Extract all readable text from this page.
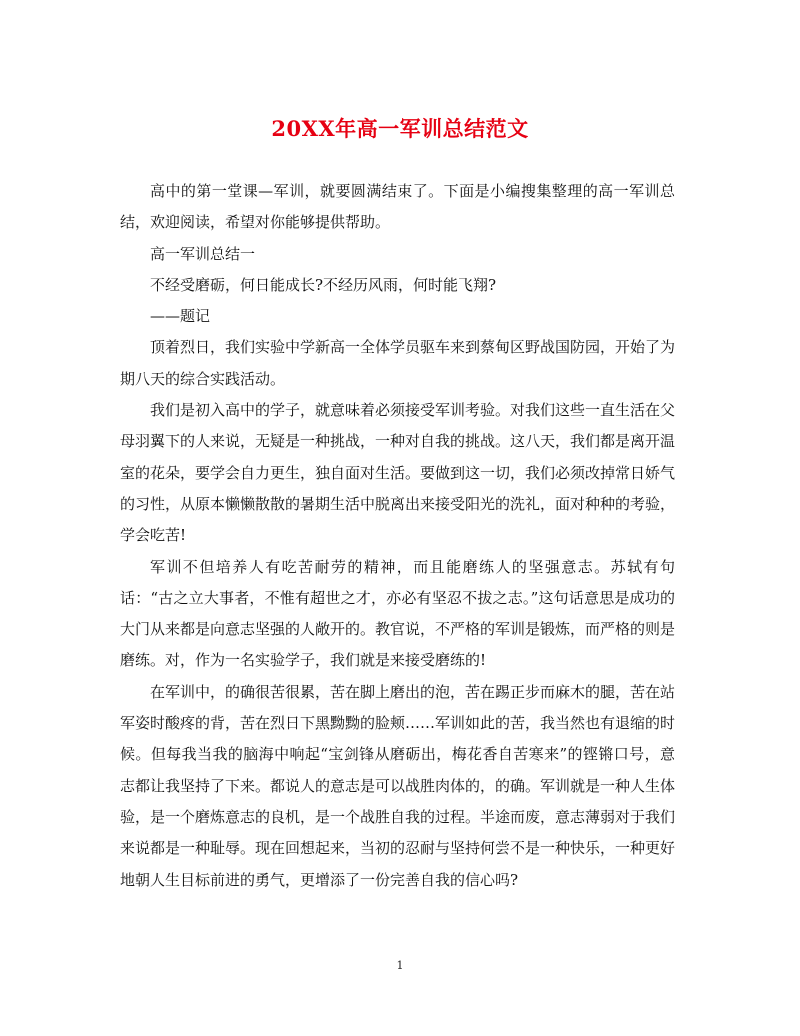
20XX年高一军训总结范文

高中的第一堂课—军训，就要圆满结束了。下面是小编搜集整理的高一军训总结，欢迎阅读，希望对你能够提供帮助。

高一军训总结一

不经受磨砺，何日能成长?不经历风雨，何时能飞翔?

——题记

顶着烈日，我们实验中学新高一全体学员驱车来到蔡甸区野战国防园，开始了为期八天的综合实践活动。

我们是初入高中的学子，就意味着必须接受军训考验。对我们这些一直生活在父母羽翼下的人来说，无疑是一种挑战，一种对自我的挑战。这八天，我们都是离开温室的花朵，要学会自力更生，独自面对生活。要做到这一切，我们必须改掉常日娇气的习性，从原本懒懒散散的暑期生活中脱离出来接受阳光的洗礼，面对种种的考验，学会吃苦!

军训不但培养人有吃苦耐劳的精神，而且能磨练人的坚强意志。苏轼有句话：“古之立大事者，不惟有超世之才，亦必有坚忍不拔之志。”这句话意思是成功的大门从来都是向意志坚强的人敞开的。教官说，不严格的军训是锻炼，而严格的则是磨练。对，作为一名实验学子，我们就是来接受磨练的!

在军训中，的确很苦很累，苦在脚上磨出的泡，苦在踢正步而麻木的腿，苦在站军姿时酸疼的背，苦在烈日下黑黝黝的脸颊……军训如此的苦，我当然也有退缩的时候。但每我当我的脑海中响起“宝剑锋从磨砺出，梅花香自苦寒来”的铿锵口号，意志都让我坚持了下来。都说人的意志是可以战胜肉体的，的确。军训就是一种人生体验，是一个磨炼意志的良机，是一个战胜自我的过程。半途而废，意志薄弱对于我们来说都是一种耻辱。现在回想起来，当初的忍耐与坚持何尝不是一种快乐，一种更好地朝人生目标前进的勇气，更增添了一份完善自我的信心吗?

1
